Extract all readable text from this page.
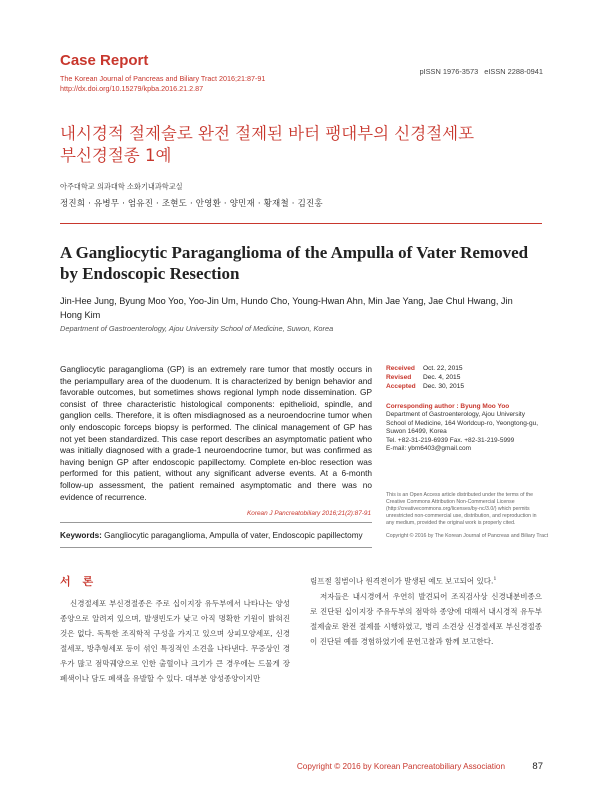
Case Report
The Korean Journal of Pancreas and Biliary Tract 2016;21:87-91
http://dx.doi.org/10.15279/kpba.2016.21.2.87
pISSN 1976-3573 eISSN 2288-0941
내시경적 절제술로 완전 절제된 바터 팽대부의 신경절세포
부신경절종 1예
아주대학교 의과대학 소화기내과학교실
정진희 · 유병무 · 엄유진 · 조현도 · 안영환 · 양민재 · 황재철 · 김진홍
A Gangliocytic Paraganglioma of the Ampulla of Vater Removed by Endoscopic Resection
Jin-Hee Jung, Byung Moo Yoo, Yoo-Jin Um, Hundo Cho, Young-Hwan Ahn, Min Jae Yang, Jae Chul Hwang, Jin Hong Kim
Department of Gastroenterology, Ajou University School of Medicine, Suwon, Korea
Gangliocytic paraganglioma (GP) is an extremely rare tumor that mostly occurs in the periampullary area of the duodenum. It is characterized by benign behavior and favorable outcomes, but sometimes shows regional lymph node dissemination. GP consist of three characteristic histological components: epithelioid, spindle, and ganglion cells. Therefore, it is often misdiagnosed as a neuroendocrine tumor when only endoscopic forceps biopsy is performed. The clinical management of GP has not yet been standardized. This case report describes an asymptomatic patient who was initially diagnosed with a grade-1 neuroendocrine tumor, but was confirmed as having benign GP after endoscopic papillectomy. Complete en-bloc resection was performed for this patient, without any significant adverse events. At a 6-month follow-up assessment, the patient remained asymptomatic and there was no evidence of recurrence.
Korean J Pancreatobiliary 2016;21(2):87-91
Keywords: Gangliocytic paraganglioma, Ampulla of vater, Endoscopic papillectomy
Received	Oct. 22, 2015
Revised	Dec. 4, 2015
Accepted	Dec. 30, 2015
Corresponding author : Byung Moo Yoo
Department of Gastroenterology, Ajou University School of Medicine, 164 Worldcup-ro, Yeongtong-gu, Suwon 16499, Korea
Tel. +82-31-219-6939 Fax. +82-31-219-5999
E-mail: ybm6403@gmail.com
This is an Open Access article distributed under the terms of the Creative Commons Attribution Non-Commercial License (http://creativecommons.org/licenses/by-nc/3.0/) which permits unrestricted non-commercial use, distribution, and reproduction in any medium, provided the original work is properly cited.
Copyright © 2016 by The Korean Journal of Pancreas and Biliary Tract
서 론
신경절세포 부신경절종은 주로 십이지장 유두부에서 나타나는 양성종양으로 알려져 있으며, 발생빈도가 낮고 아직 명확한 기원이 밝혀진 것은 없다. 독특한 조직학적 구성을 가지고 있으며 상피모양세포, 신경절세포, 방추형세포 등이 섞인 특징적인 소견을 나타낸다. 무증상인 경우가 많고 점막궤양으로 인한 출혈이나 크기가 큰 경우에는 드물게 장폐색이나 담도 폐색을 유발할 수 있다. 대부분 양성종양이지만
림프절 침범이나 원격전이가 발생된 예도 보고되어 있다.$^1$
저자들은 내시경에서 우연히 발견되어 조직검사상 신경내분비종으로 진단된 십이지장 주유두부의 점막하 종양에 대해서 내시경적 유두부 절제술로 완전 절제를 시행하였고, 병리 소견상 신경절세포 부신경절종이 진단된 예를 경험하였기에 문헌고찰과 함께 보고한다.
Copyright © 2016 by Korean Pancreatobiliary Association	87
